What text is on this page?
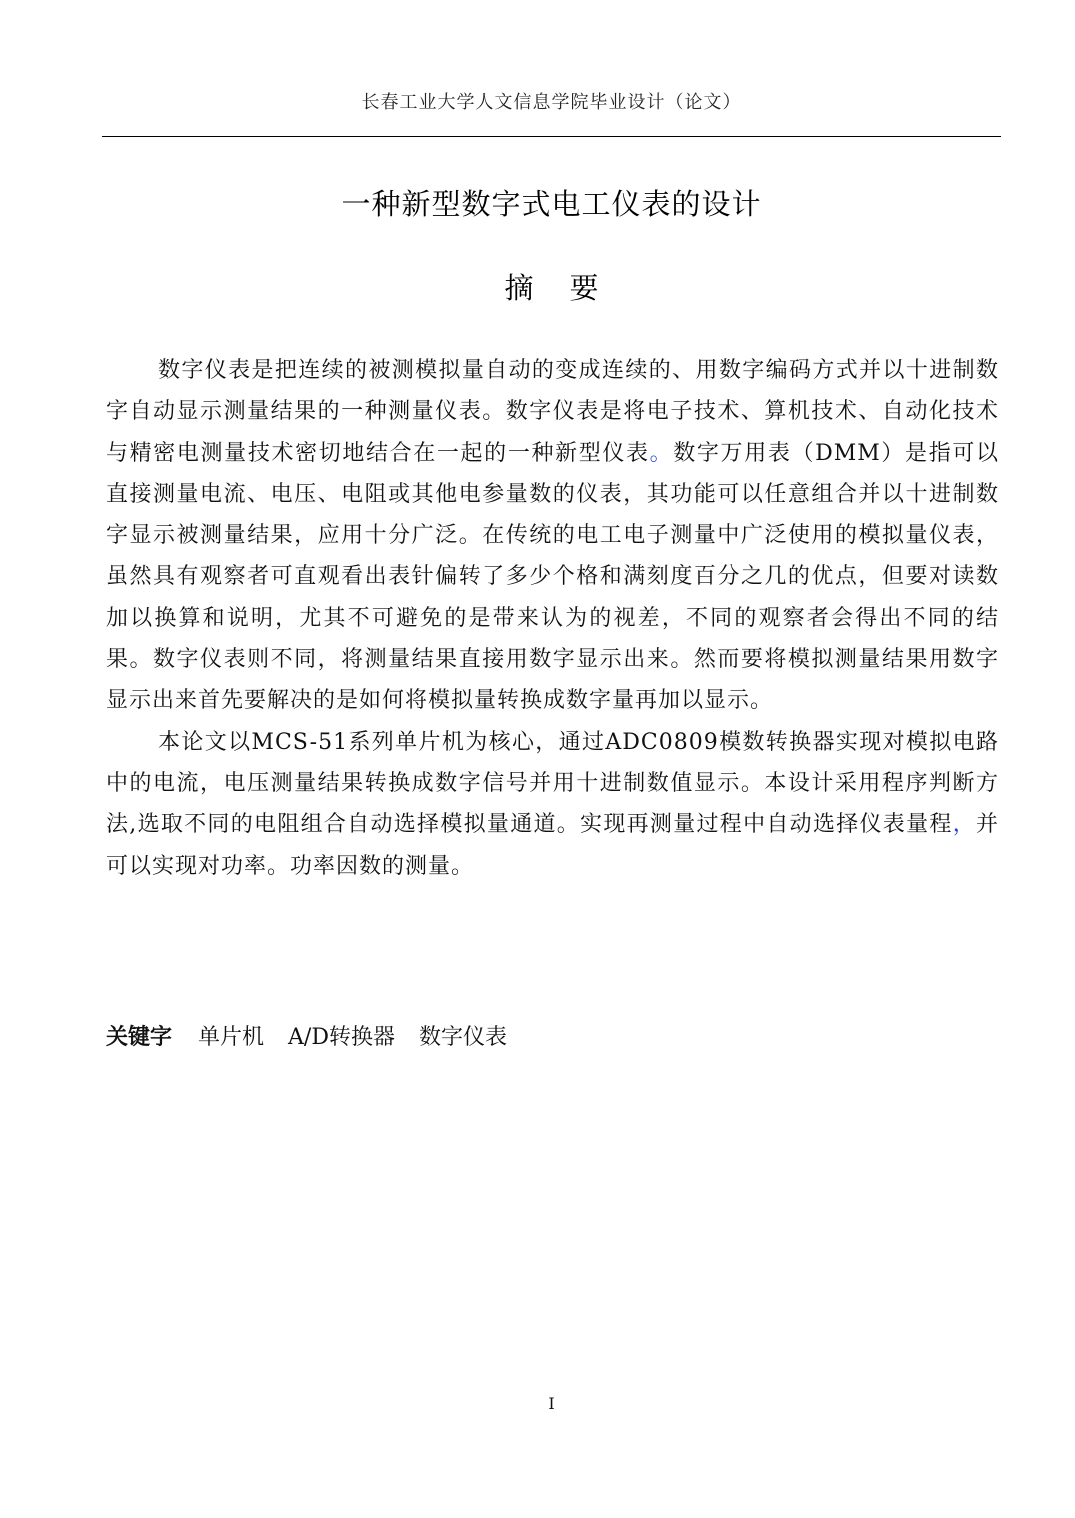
长春工业大学人文信息学院毕业设计（论文）
一种新型数字式电工仪表的设计
摘 要

数字仪表是把连续的被测模拟量自动的变成连续的、用数字编码方式并以十进制数字自动显示测量结果的一种测量仪表。数字仪表是将电子技术、算机技术、自动化技术与精密电测量技术密切地结合在一起的一种新型仪表。数字万用表（DMM）是指可以直接测量电流、电压、电阻或其他电参量数的仪表，其功能可以任意组合并以十进制数字显示被测量结果，应用十分广泛。在传统的电工电子测量中广泛使用的模拟量仪表，虽然具有观察者可直观看出表针偏转了多少个格和满刻度百分之几的优点，但要对读数加以换算和说明，尤其不可避免的是带来认为的视差，不同的观察者会得出不同的结果。数字仪表则不同，将测量结果直接用数字显示出来。然而要将模拟测量结果用数字显示出来首先要解决的是如何将模拟量转换成数字量再加以显示。

本论文以MCS-51系列单片机为核心，通过ADC0809模数转换器实现对模拟电路中的电流，电压测量结果转换成数字信号并用十进制数值显示。本设计采用程序判断方法,选取不同的电阻组合自动选择模拟量通道。实现再测量过程中自动选择仪表量程，并可以实现对功率。功率因数的测量。

关键字 单片机 A/D转换器 数字仪表
I
